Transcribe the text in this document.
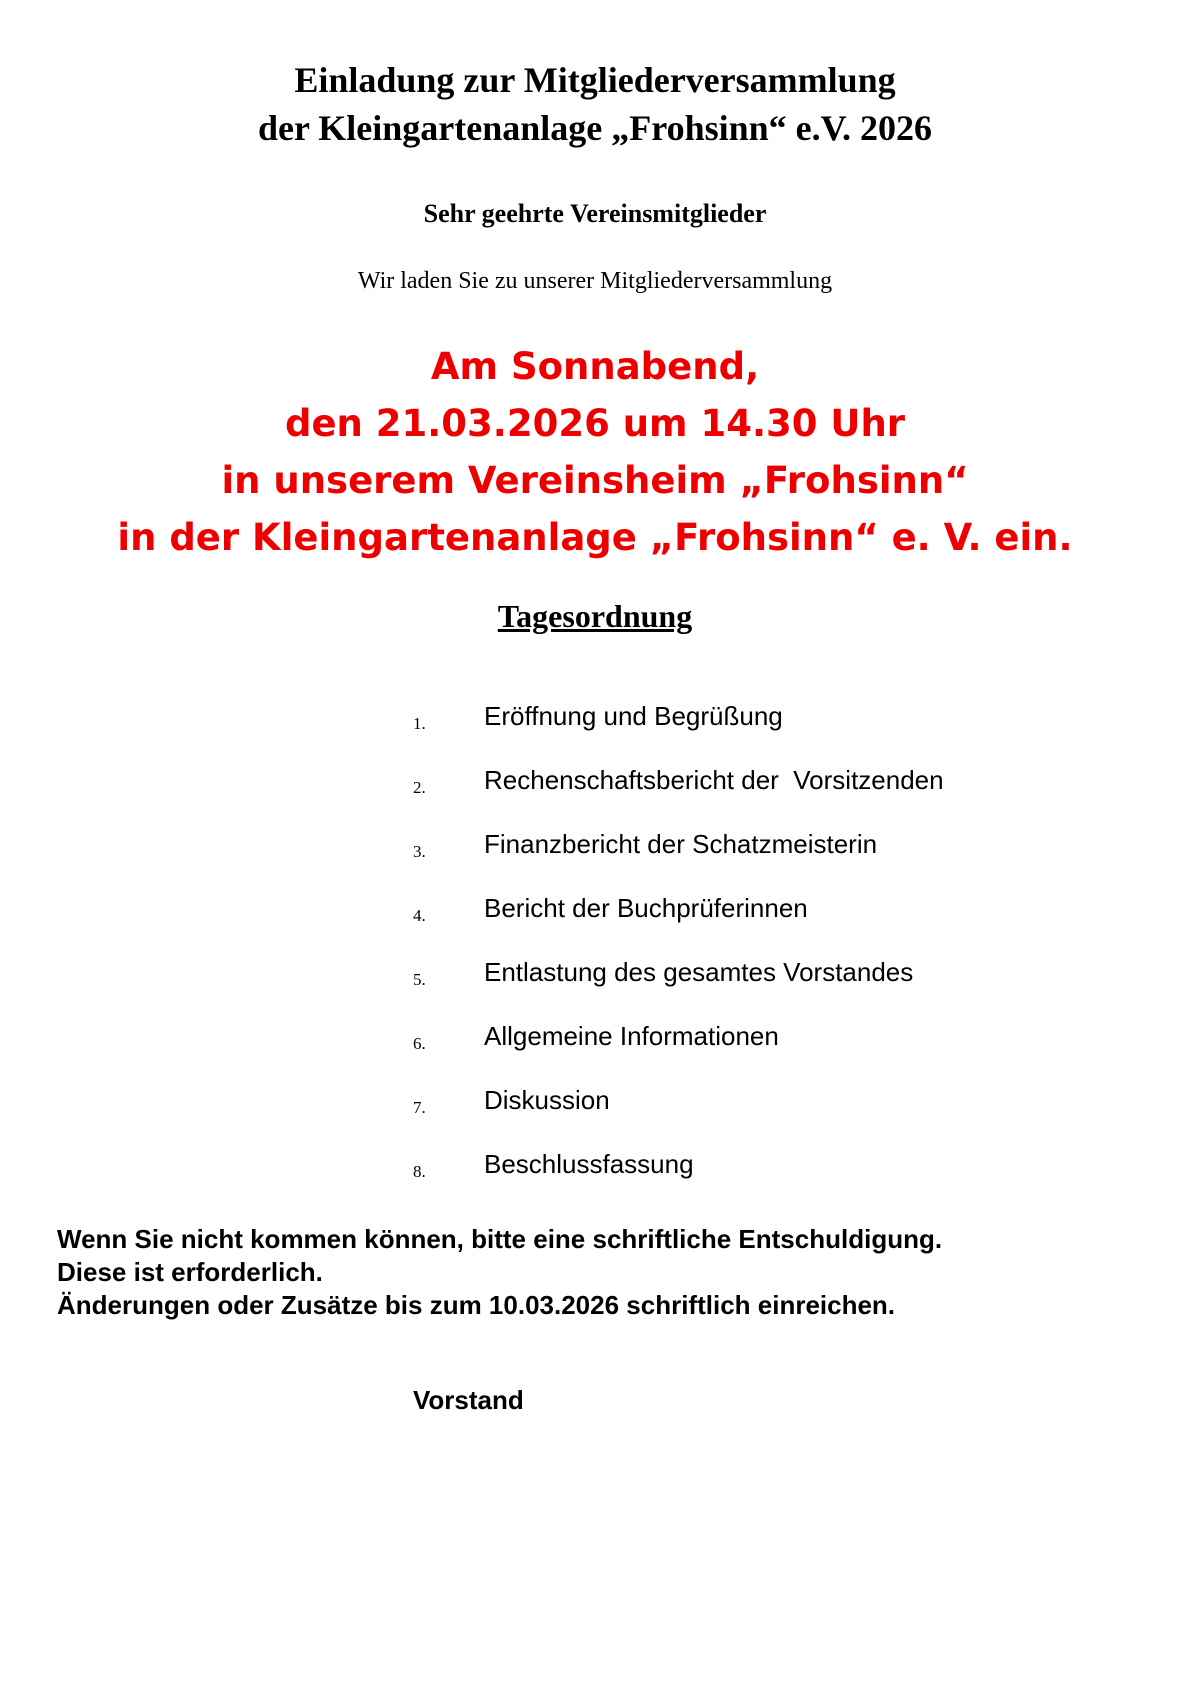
Einladung zur Mitgliederversammlung
der Kleingartenanlage „Frohsinn“ e.V. 2026
Sehr geehrte Vereinsmitglieder
Wir laden Sie zu unserer Mitgliederversammlung
Am Sonnabend,
den 21.03.2026 um 14.30 Uhr
in unserem Vereinsheim „Frohsinn“
in der Kleingartenanlage „Frohsinn“ e. V. ein.
Tagesordnung
1. Eröffnung und Begrüßung
2. Rechenschaftsbericht der  Vorsitzenden
3. Finanzbericht der Schatzmeisterin
4. Bericht der Buchprüferinnen
5. Entlastung des gesamtes Vorstandes
6. Allgemeine Informationen
7. Diskussion
8. Beschlussfassung
Wenn Sie nicht kommen können, bitte eine schriftliche Entschuldigung.
Diese ist erforderlich.
Änderungen oder Zusätze bis zum 10.03.2026 schriftlich einreichen.
Vorstand
